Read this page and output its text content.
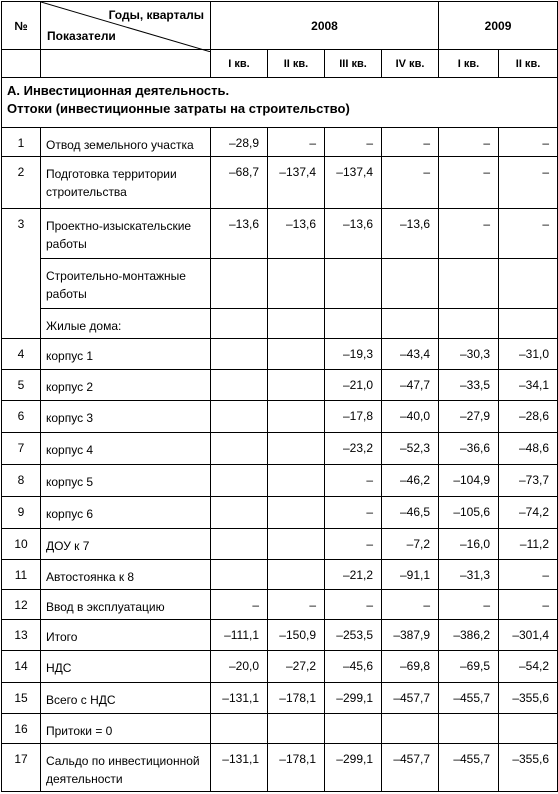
№	Годы, кварталы
Показатели	2008				2009	
		I кв.	II кв.	III кв.	IV кв.	I кв.	II кв.

А. Инвестиционная деятельность.
Оттоки (инвестиционные затраты на строительство)							

1	Отвод земельного участка	–28,9	–	–	–	–	–
2	Подготовка территории строительства	–68,7	–137,4	–137,4	–	–	–
3	Проектно-изыскательские работы	–13,6	–13,6	–13,6	–13,6	–	–
	Строительно-монтажные работы						
	Жилые дома:						
4	корпус 1			–19,3	–43,4	–30,3	–31,0
5	корпус 2			–21,0	–47,7	–33,5	–34,1
6	корпус 3			–17,8	–40,0	–27,9	–28,6
7	корпус 4			–23,2	–52,3	–36,6	–48,6
8	корпус 5			–	–46,2	–104,9	–73,7
9	корпус 6			–	–46,5	–105,6	–74,2
10	ДОУ к 7			–	–7,2	–16,0	–11,2
11	Автостоянка к 8			–21,2	–91,1	–31,3	–
12	Ввод в эксплуатацию	–	–	–	–	–	–
13	Итого	–111,1	–150,9	–253,5	–387,9	–386,2	–301,4
14	НДС	–20,0	–27,2	–45,6	–69,8	–69,5	–54,2
15	Всего с НДС	–131,1	–178,1	–299,1	–457,7	–455,7	–355,6
16	Притоки = 0						
17	Сальдо по инвестиционной деятельности	–131,1	–178,1	–299,1	–457,7	–455,7	–355,6
